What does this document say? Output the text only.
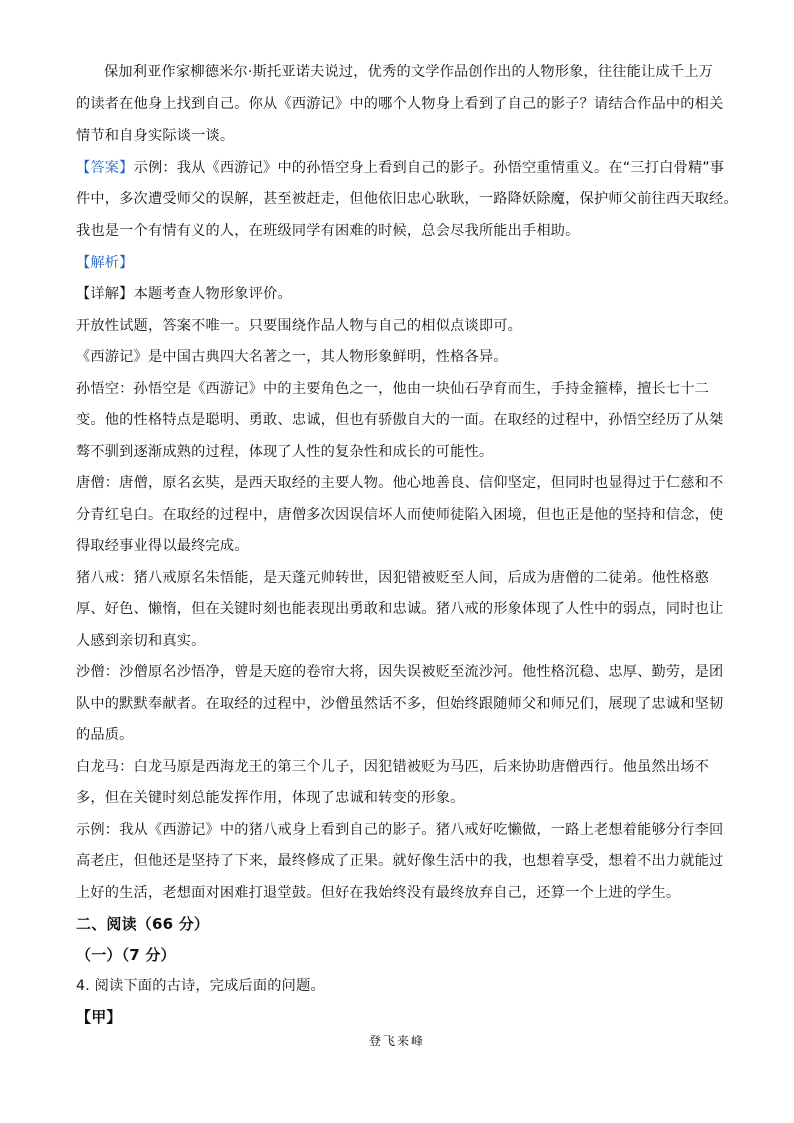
保加利亚作家柳德米尔·斯托亚诺夫说过，优秀的文学作品创作出的人物形象，往往能让成千上万
的读者在他身上找到自己。你从《西游记》中的哪个人物身上看到了自己的影子？请结合作品中的相关
情节和自身实际谈一谈。
【答案】示例：我从《西游记》中的孙悟空身上看到自己的影子。孙悟空重情重义。在“三打白骨精”事
件中，多次遭受师父的误解，甚至被赶走，但他依旧忠心耿耿，一路降妖除魔，保护师父前往西天取经。
我也是一个有情有义的人，在班级同学有困难的时候，总会尽我所能出手相助。
【解析】
【详解】本题考查人物形象评价。
开放性试题，答案不唯一。只要围绕作品人物与自己的相似点谈即可。
《西游记》是中国古典四大名著之一，其人物形象鲜明，性格各异。
孙悟空：孙悟空是《西游记》中的主要角色之一，他由一块仙石孕育而生，手持金箍棒，擅长七十二
变。他的性格特点是聪明、勇敢、忠诚，但也有骄傲自大的一面。在取经的过程中，孙悟空经历了从桀
骜不驯到逐渐成熟的过程，体现了人性的复杂性和成长的可能性。
唐僧：唐僧，原名玄奘，是西天取经的主要人物。他心地善良、信仰坚定，但同时也显得过于仁慈和不
分青红皂白。在取经的过程中，唐僧多次因误信坏人而使师徒陷入困境，但也正是他的坚持和信念，使
得取经事业得以最终完成。
猪八戒：猪八戒原名朱悟能，是天蓬元帅转世，因犯错被贬至人间，后成为唐僧的二徒弟。他性格憨
厚、好色、懒惰，但在关键时刻也能表现出勇敢和忠诚。猪八戒的形象体现了人性中的弱点，同时也让
人感到亲切和真实。
沙僧：沙僧原名沙悟净，曾是天庭的卷帘大将，因失误被贬至流沙河。他性格沉稳、忠厚、勤劳，是团
队中的默默奉献者。在取经的过程中，沙僧虽然话不多，但始终跟随师父和师兄们，展现了忠诚和坚韧
的品质。
白龙马：白龙马原是西海龙王的第三个儿子，因犯错被贬为马匹，后来协助唐僧西行。他虽然出场不
多，但在关键时刻总能发挥作用，体现了忠诚和转变的形象。
示例：我从《西游记》中的猪八戒身上看到自己的影子。猪八戒好吃懒做，一路上老想着能够分行李回
高老庄，但他还是坚持了下来，最终修成了正果。就好像生活中的我，也想着享受，想着不出力就能过
上好的生活，老想面对困难打退堂鼓。但好在我始终没有最终放弃自己，还算一个上进的学生。
二、阅读（66 分）
（一）（7 分）
4. 阅读下面的古诗，完成后面的问题。
【甲】
登飞来峰
